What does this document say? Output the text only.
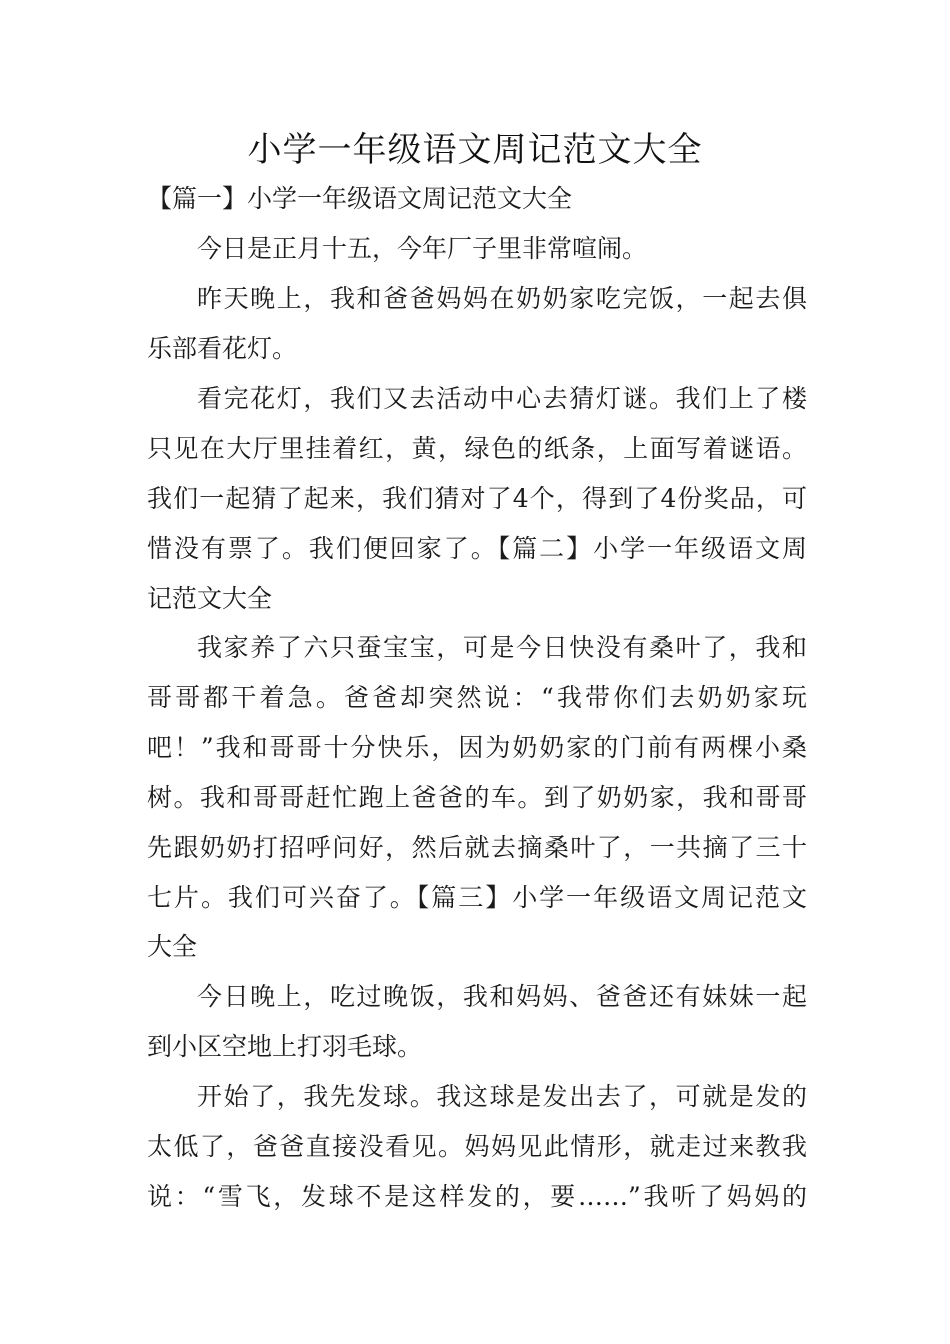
小学一年级语文周记范文大全
【篇一】小学一年级语文周记范文大全
今日是正月十五，今年厂子里非常喧闹。
昨天晚上，我和爸爸妈妈在奶奶家吃完饭，一起去俱
乐部看花灯。
看完花灯，我们又去活动中心去猜灯谜。我们上了楼
只见在大厅里挂着红，黄，绿色的纸条，上面写着谜语。
我们一起猜了起来，我们猜对了4个，得到了4份奖品，可
惜没有票了。我们便回家了。【篇二】小学一年级语文周
记范文大全
我家养了六只蚕宝宝，可是今日快没有桑叶了，我和
哥哥都干着急。爸爸却突然说：“我带你们去奶奶家玩
吧！”我和哥哥十分快乐，因为奶奶家的门前有两棵小桑
树。我和哥哥赶忙跑上爸爸的车。到了奶奶家，我和哥哥
先跟奶奶打招呼问好，然后就去摘桑叶了，一共摘了三十
七片。我们可兴奋了。【篇三】小学一年级语文周记范文
大全
今日晚上，吃过晚饭，我和妈妈、爸爸还有妹妹一起
到小区空地上打羽毛球。
开始了，我先发球。我这球是发出去了，可就是发的
太低了，爸爸直接没看见。妈妈见此情形，就走过来教我
说：“雪飞，发球不是这样发的，要……”我听了妈妈的
